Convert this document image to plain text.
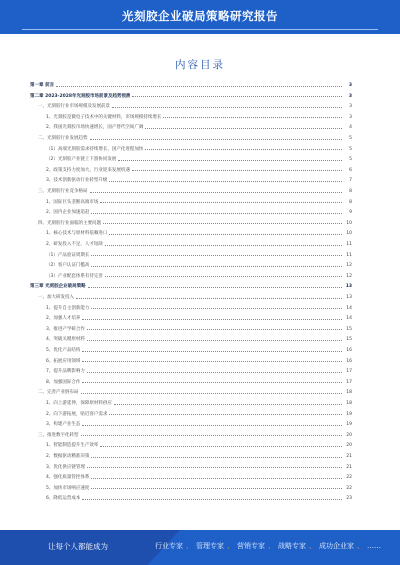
光刻胶企业破局策略研究报告
内容目录
第一章 前言	3
第二章 2023-2028年光刻胶市场前景及趋势预测	3
一、光刻胶行业市场规模及发展前景	3
1、光刻胶是微电子技术中的关键材料，市场规模持续增长	3
2、我国光刻胶市场快速增长，国产替代空间广阔	4
二、光刻胶行业发展趋势	5
（1）高端光刻胶需求持续增长，国产化进程加快	5
（2）光刻胶产业链上下游协同发展	5
2、政策支持力度加大，行业迎来发展机遇	6
3、技术创新驱动行业转型升级	7
三、光刻胶行业竞争格局	8
1、国际巨头垄断高端市场	8
2、国内企业加速追赶	9
四、光刻胶行业面临的主要问题	10
1、核心技术与原材料依赖进口	10
2、研发投入不足，人才短缺	11
（1）产品验证周期长	11
（2）客户认证门槛高	12
（3）产业配套体系有待完善	12
第三章 光刻胶企业破局策略	13
一、加大研发投入	13
1、提升自主创新能力	14
2、加强人才培养	14
3、推进产学研合作	15
4、突破关键原材料	15
5、优化产品结构	16
6、拓展应用领域	16
7、提升品牌影响力	17
8、加强国际合作	17
二、完善产业链布局	18
1、向上游延伸，保障原材料供应	18
2、向下游拓展，贴近客户需求	19
3、构建产业生态	19
三、推进数字化转型	20
1、智能制造提升生产效率	20
2、数据驱动精准决策	21
3、优化供应链管理	21
4、强化质量管控体系	22
5、加快市场响应速度	22
6、降低运营成本	23
让每个人都能成为	行业专家 、 管理专家 、 营销专家 、 战略专家 、 成功企业家 、 ……
